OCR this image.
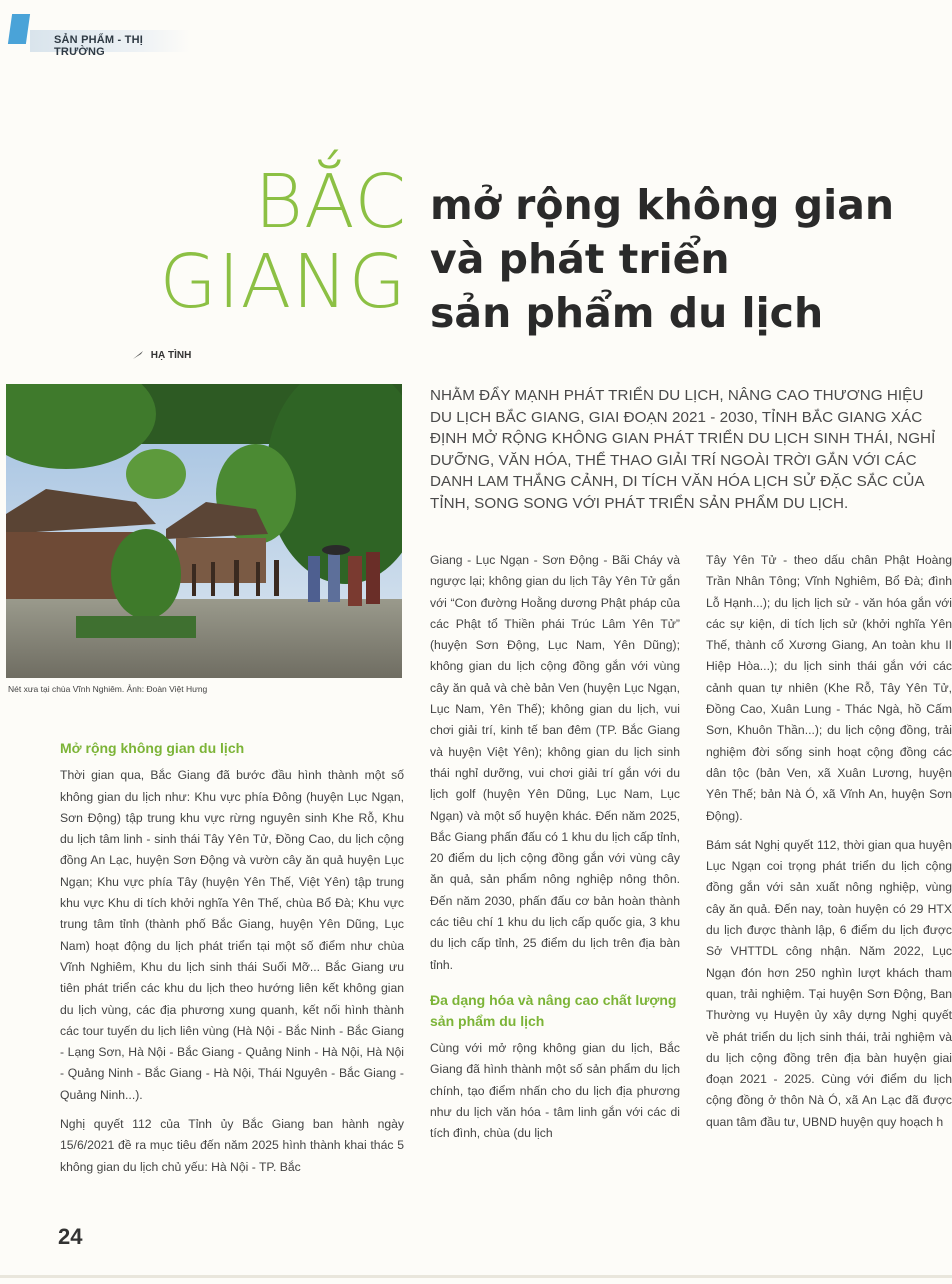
SẢN PHẨM - THỊ TRƯỜNG
BẮC
GIANG
mở rộng không gian
và phát triển
sản phẩm du lịch
HẠ TÌNH
Nét xưa tại chùa Vĩnh Nghiêm. Ảnh: Đoàn Việt Hưng
NHẰM ĐẨY MẠNH PHÁT TRIỂN DU LỊCH, NÂNG CAO THƯƠNG HIỆU DU LỊCH BẮC GIANG, GIAI ĐOẠN 2021 - 2030, TỈNH BẮC GIANG XÁC ĐỊNH MỞ RỘNG KHÔNG GIAN PHÁT TRIỂN DU LỊCH SINH THÁI, NGHỈ DƯỠNG, VĂN HÓA, THỂ THAO GIẢI TRÍ NGOÀI TRỜI GẮN VỚI CÁC DANH LAM THẮNG CẢNH, DI TÍCH VĂN HÓA LỊCH SỬ ĐẶC SẮC CỦA TỈNH, SONG SONG VỚI PHÁT TRIỂN SẢN PHẨM DU LỊCH.
Mở rộng không gian du lịch

Thời gian qua, Bắc Giang đã bước đầu hình thành một số không gian du lịch như: Khu vực phía Đông (huyện Lục Ngạn, Sơn Động) tập trung khu vực rừng nguyên sinh Khe Rỗ, Khu du lịch tâm linh - sinh thái Tây Yên Tử, Đồng Cao, du lịch cộng đồng An Lạc, huyện Sơn Động và vườn cây ăn quả huyện Lục Ngạn; Khu vực phía Tây (huyện Yên Thế, Việt Yên) tập trung khu vực Khu di tích khởi nghĩa Yên Thế, chùa Bổ Đà; Khu vực trung tâm tỉnh (thành phố Bắc Giang, huyện Yên Dũng, Lục Nam) hoạt động du lịch phát triển tại một số điểm như chùa Vĩnh Nghiêm, Khu du lịch sinh thái Suối Mỡ... Bắc Giang ưu tiên phát triển các khu du lịch theo hướng liên kết không gian du lịch vùng, các địa phương xung quanh, kết nối hình thành các tour tuyến du lịch liên vùng (Hà Nội - Bắc Ninh - Bắc Giang - Lạng Sơn, Hà Nội - Bắc Giang - Quảng Ninh - Hà Nội, Hà Nội - Quảng Ninh - Bắc Giang - Hà Nội, Thái Nguyên - Bắc Giang - Quảng Ninh...).

Nghị quyết 112 của Tỉnh ủy Bắc Giang ban hành ngày 15/6/2021 đề ra mục tiêu đến năm 2025 hình thành khai thác 5 không gian du lịch chủ yếu: Hà Nội - TP. Bắc

Giang - Lục Ngạn - Sơn Động - Bãi Cháy và ngược lại; không gian du lịch Tây Yên Tử gắn với “Con đường Hoằng dương Phật pháp của các Phật tổ Thiền phái Trúc Lâm Yên Tử” (huyện Sơn Động, Lục Nam, Yên Dũng); không gian du lịch cộng đồng gắn với vùng cây ăn quả và chè bản Ven (huyện Lục Ngạn, Lục Nam, Yên Thế); không gian du lịch, vui chơi giải trí, kinh tế ban đêm (TP. Bắc Giang và huyện Việt Yên); không gian du lịch sinh thái nghỉ dưỡng, vui chơi giải trí gắn với du lịch golf (huyện Yên Dũng, Lục Nam, Lục Ngạn) và một số huyện khác. Đến năm 2025, Bắc Giang phấn đấu có 1 khu du lịch cấp tỉnh, 20 điểm du lịch cộng đồng gắn với vùng cây ăn quả, sản phẩm nông nghiệp nông thôn. Đến năm 2030, phấn đấu cơ bản hoàn thành các tiêu chí 1 khu du lịch cấp quốc gia, 3 khu du lịch cấp tỉnh, 25 điểm du lịch trên địa bàn tỉnh.

Đa dạng hóa và nâng cao chất lượng sản phẩm du lịch

Cùng với mở rộng không gian du lịch, Bắc Giang đã hình thành một số sản phẩm du lịch chính, tạo điểm nhấn cho du lịch địa phương như du lịch văn hóa - tâm linh gắn với các di tích đình, chùa (du lịch

Tây Yên Tử - theo dấu chân Phật Hoàng Trần Nhân Tông; Vĩnh Nghiêm, Bổ Đà; đình Lỗ Hạnh...); du lịch lịch sử - văn hóa gắn với các sự kiện, di tích lịch sử (khởi nghĩa Yên Thế, thành cổ Xương Giang, An toàn khu II Hiệp Hòa...); du lịch sinh thái gắn với các cảnh quan tự nhiên (Khe Rỗ, Tây Yên Tử, Đồng Cao, Xuân Lung - Thác Ngà, hồ Cấm Sơn, Khuôn Thần...); du lịch cộng đồng, trải nghiệm đời sống sinh hoạt cộng đồng các dân tộc (bản Ven, xã Xuân Lương, huyện Yên Thế; bản Nà Ó, xã Vĩnh An, huyện Sơn Động).

Bám sát Nghị quyết 112, thời gian qua huyện Lục Ngạn coi trọng phát triển du lịch cộng đồng gắn với sản xuất nông nghiệp, vùng cây ăn quả. Đến nay, toàn huyện có 29 HTX du lịch được thành lập, 6 điểm du lịch được Sở VHTTDL công nhận. Năm 2022, Lục Ngạn đón hơn 250 nghìn lượt khách tham quan, trải nghiệm. Tại huyện Sơn Động, Ban Thường vụ Huyện ủy xây dựng Nghị quyết về phát triển du lịch sinh thái, trải nghiệm và du lịch cộng đồng trên địa bàn huyện giai đoạn 2021 - 2025. Cùng với điểm du lịch cộng đồng ở thôn Nà Ó, xã An Lạc đã được quan tâm đầu tư, UBND huyện quy hoạch h

24
